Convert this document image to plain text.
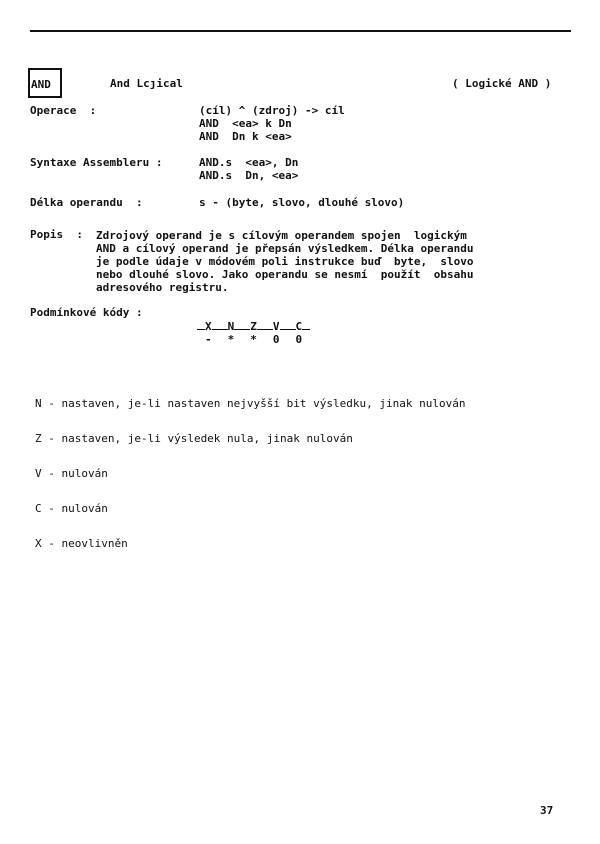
AND	And Lcȷical	( Logické AND )
Operace  :	(cíl) ^ (zdroj) -> cíl
AND  <ea> k Dn
AND  Dn k <ea>
Syntaxe Assembleru :	AND.s  <ea>, Dn
AND.s  Dn, <ea>
Délka operandu  :	s - (byte, slovo, dlouhé slovo)
Popis  : Zdrojový operand je s cílovým operandem spojen  logickým
AND a cílový operand je přepsán výsledkem. Délka operandu
je podle údaje v módovém poli instrukce buď  byte,  slovo
nebo dlouhé slovo. Jako operandu se nesmí  použít  obsahu
adresového registru.
Podmínkové kódy :
X N Z V C
- * * 0 0

N - nastaven, je-li nastaven nejvyšší bit výsledku, jinak nulován

Z - nastaven, je-li výsledek nula, jinak nulován

V - nulován

C - nulován

X - neovlivněn

37
